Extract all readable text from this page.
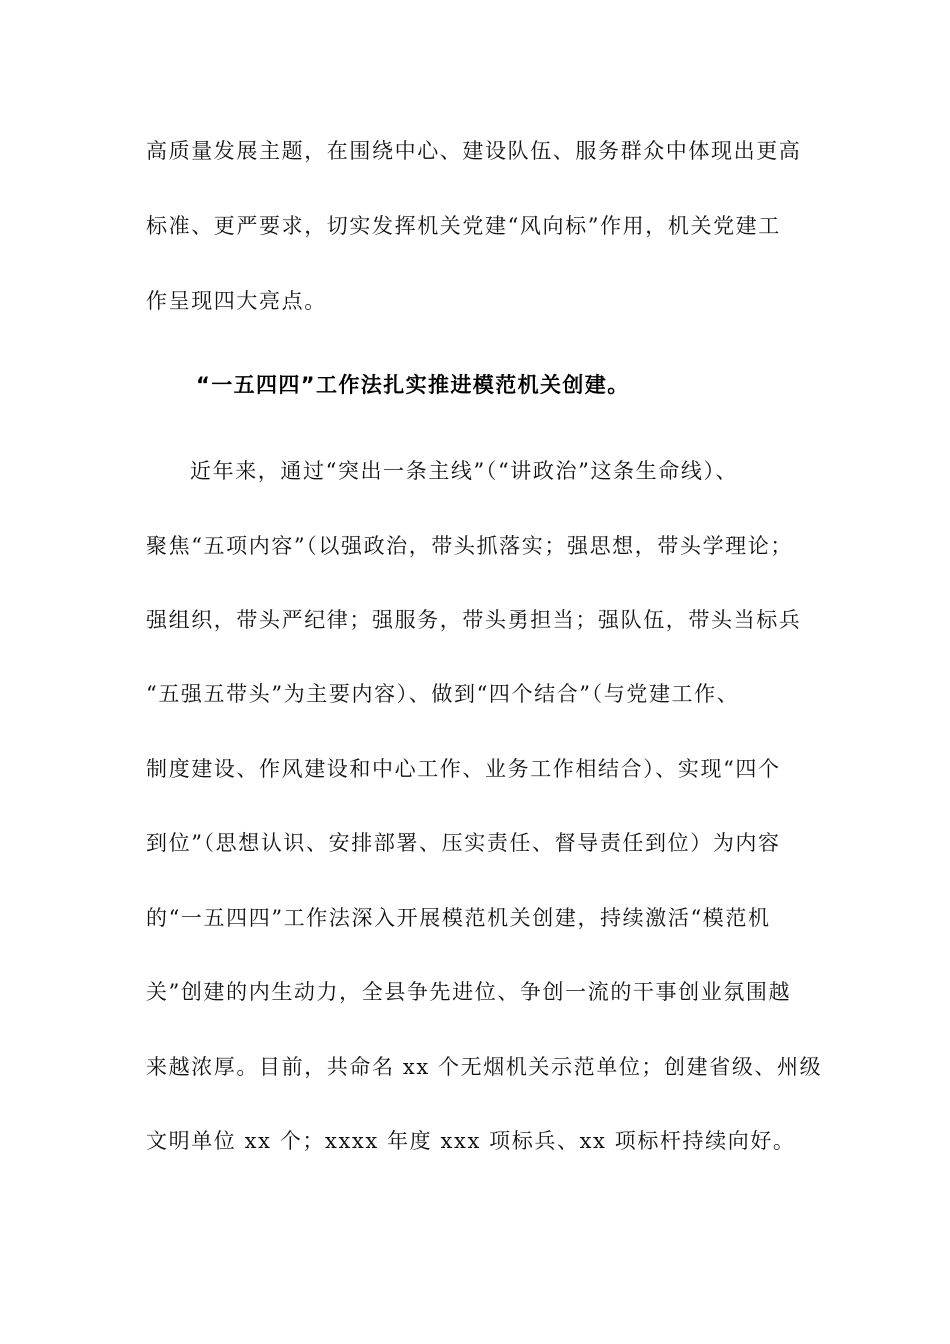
高质量发展主题，在围绕中心、建设队伍、服务群众中体现出更高
标准、更严要求，切实发挥机关党建“风向标”作用，机关党建工
作呈现四大亮点。
“一五四四”工作法扎实推进模范机关创建。
近年来，通过“突出一条主线”（“讲政治”这条生命线）、
聚焦“五项内容”（以强政治，带头抓落实；强思想，带头学理论；
强组织，带头严纪律；强服务，带头勇担当；强队伍，带头当标兵
“五强五带头”为主要内容）、做到“四个结合”（与党建工作、
制度建设、作风建设和中心工作、业务工作相结合）、实现“四个
到位”（思想认识、安排部署、压实责任、督导责任到位）为内容
的“一五四四”工作法深入开展模范机关创建，持续激活“模范机
关”创建的内生动力，全县争先进位、争创一流的干事创业氛围越
来越浓厚。目前，共命名 xx 个无烟机关示范单位；创建省级、州级
文明单位 xx 个；xxxx 年度 xxx 项标兵、xx 项标杆持续向好。
